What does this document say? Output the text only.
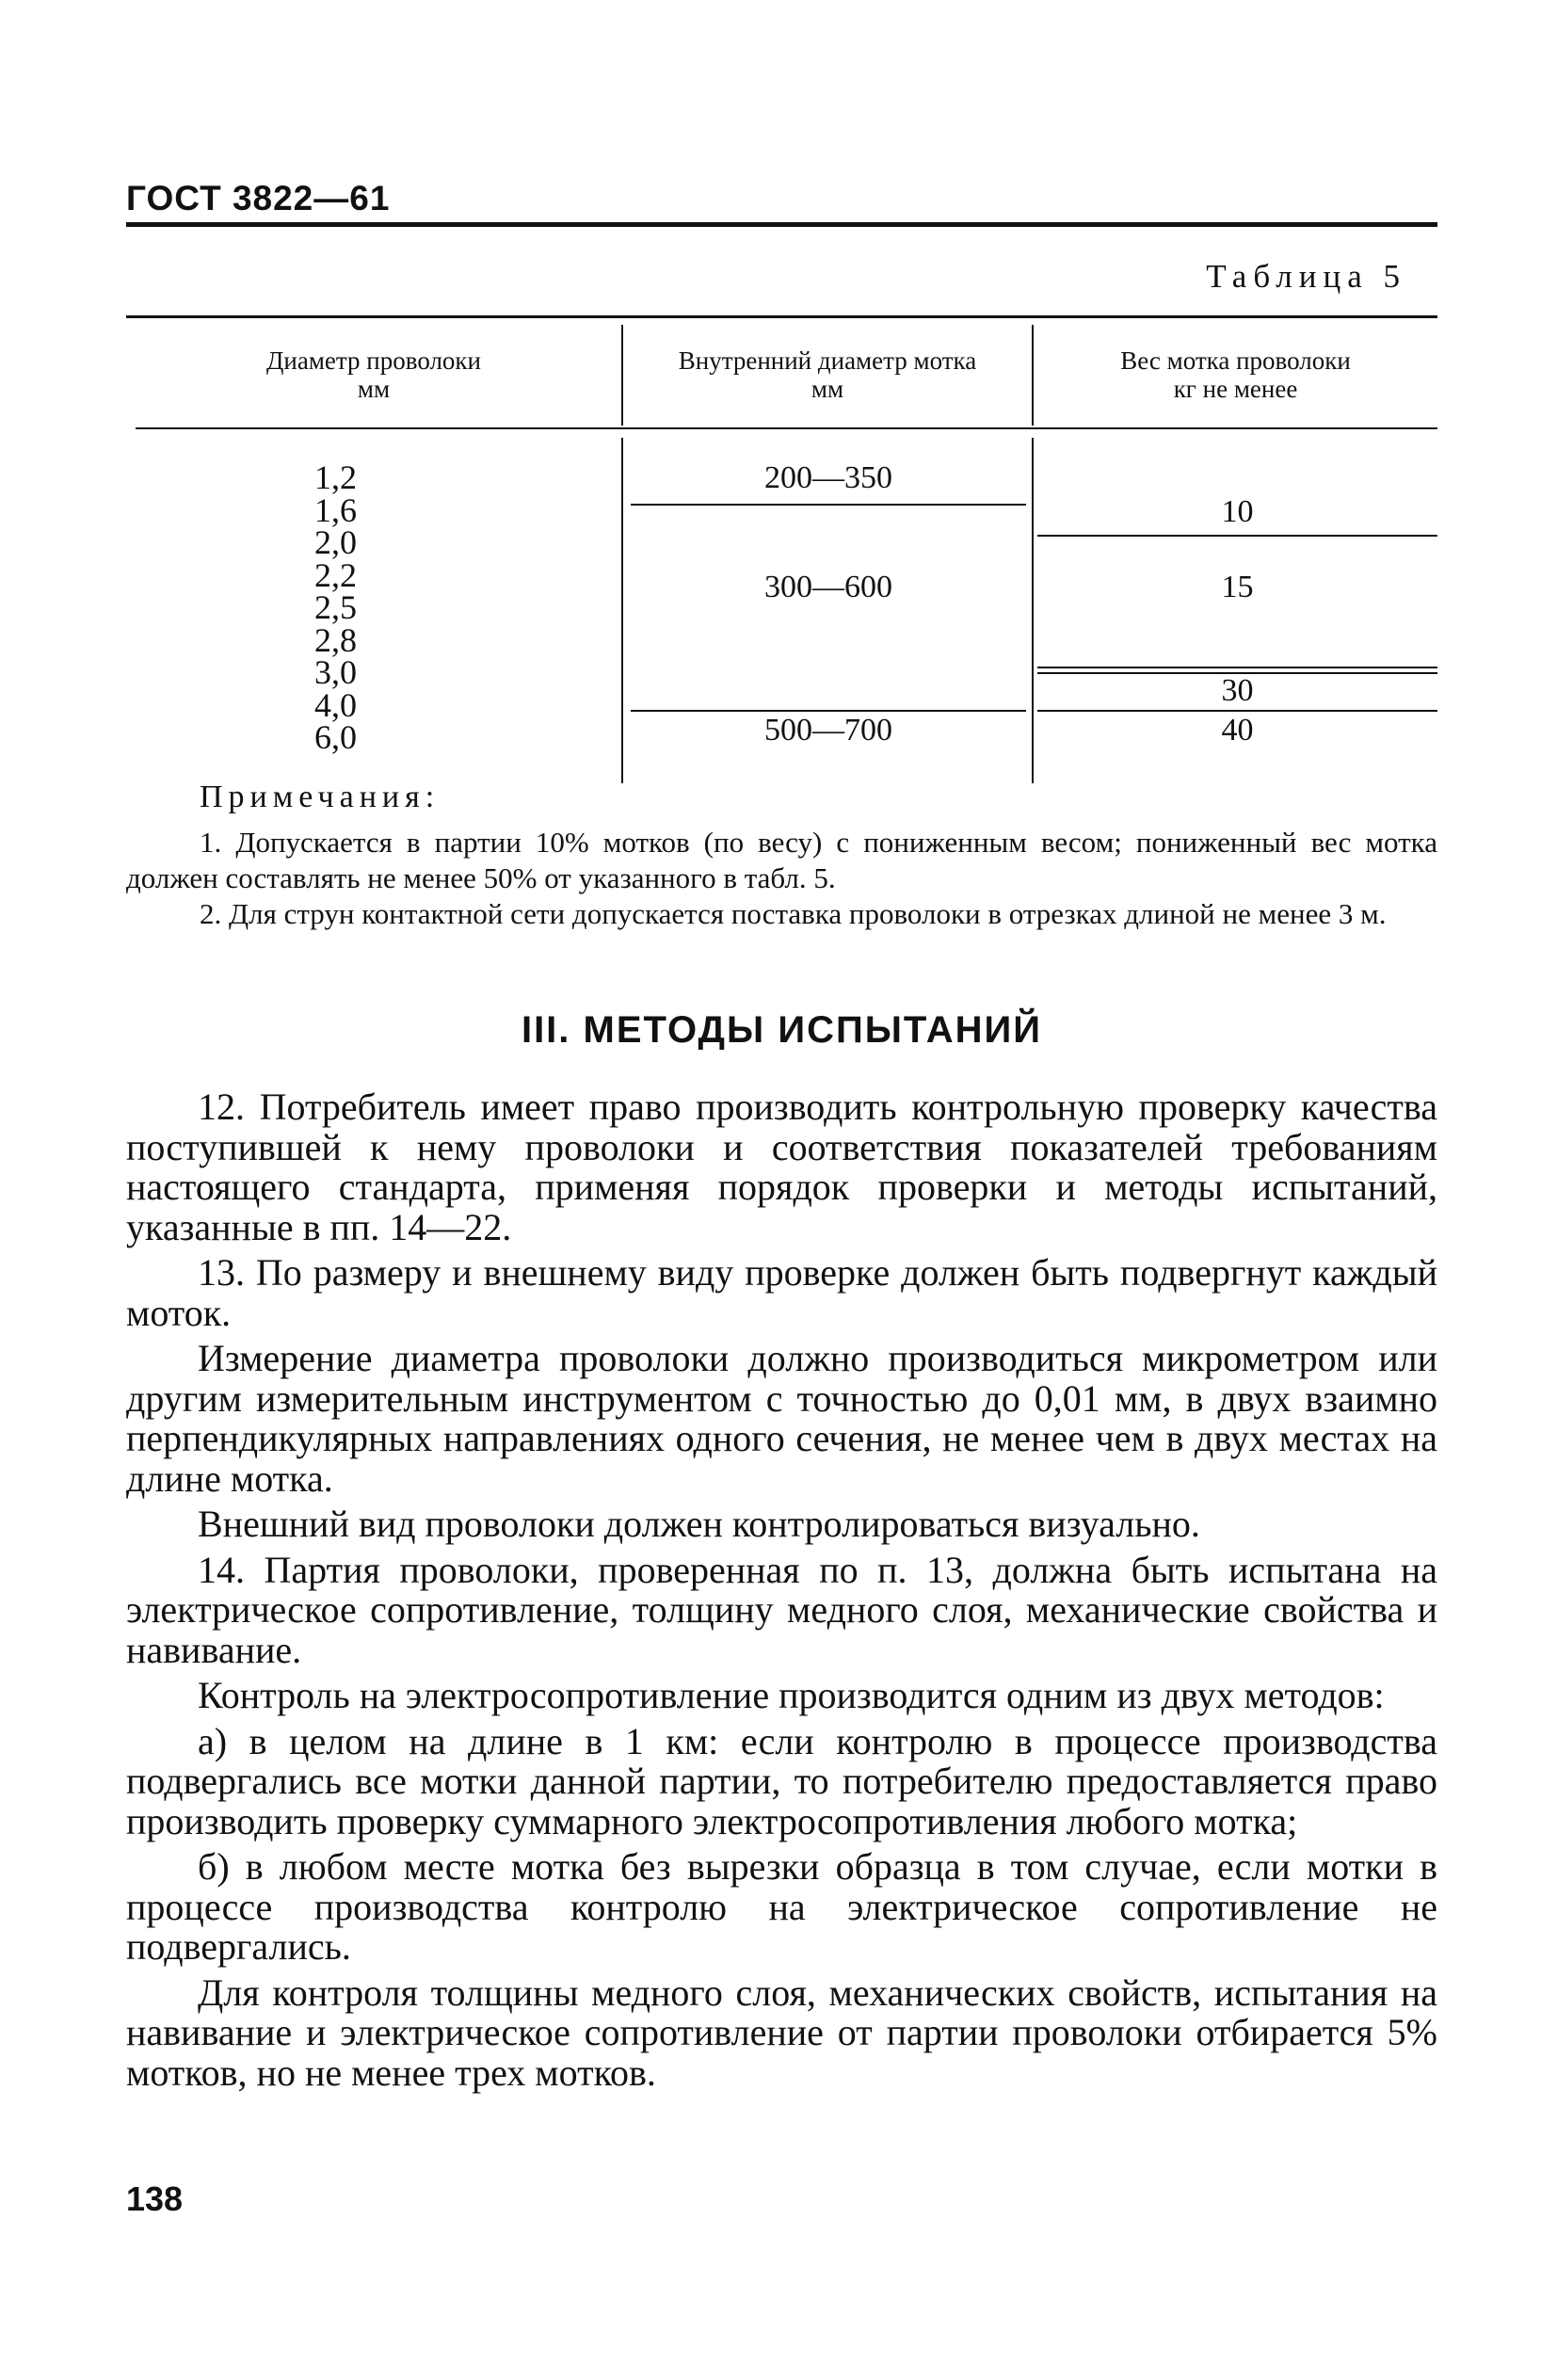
ГОСТ 3822—61
Таблица 5
Диаметр проволоки
мм
Внутренний диаметр мотка
мм
Вес мотка проволоки
кг не менее
1,2
1,6
2,0
2,2
2,5
2,8
3,0
4,0
6,0
200—350
300—600
500—700
10
15
30
40
Примечания:
1. Допускается в партии 10% мотков (по весу) с пониженным весом; пониженный вес мотка должен составлять не менее 50% от указанного в табл. 5.
2. Для струн контактной сети допускается поставка проволоки в отрезках длиной не менее 3 м.
III. МЕТОДЫ ИСПЫТАНИЙ

12. Потребитель имеет право производить контрольную проверку качества поступившей к нему проволоки и соответствия показателей требованиям настоящего стандарта, применяя порядок проверки и методы испытаний, указанные в пп. 14—22.

13. По размеру и внешнему виду проверке должен быть подвергнут каждый моток.

Измерение диаметра проволоки должно производиться микрометром или другим измерительным инструментом с точностью до 0,01 мм, в двух взаимно перпендикулярных направлениях одного сечения, не менее чем в двух местах на длине мотка.

Внешний вид проволоки должен контролироваться визуально.

14. Партия проволоки, проверенная по п. 13, должна быть испытана на электрическое сопротивление, толщину медного слоя, механические свойства и навивание.

Контроль на электросопротивление производится одним из двух методов:

а) в целом на длине в 1 км: если контролю в процессе производства подвергались все мотки данной партии, то потребителю предоставляется право производить проверку суммарного электросопротивления любого мотка;

б) в любом месте мотка без вырезки образца в том случае, если мотки в процессе производства контролю на электрическое сопротивление не подвергались.

Для контроля толщины медного слоя, механических свойств, испытания на навивание и электрическое сопротивление от партии проволоки отбирается 5% мотков, но не менее трех мотков.

138
